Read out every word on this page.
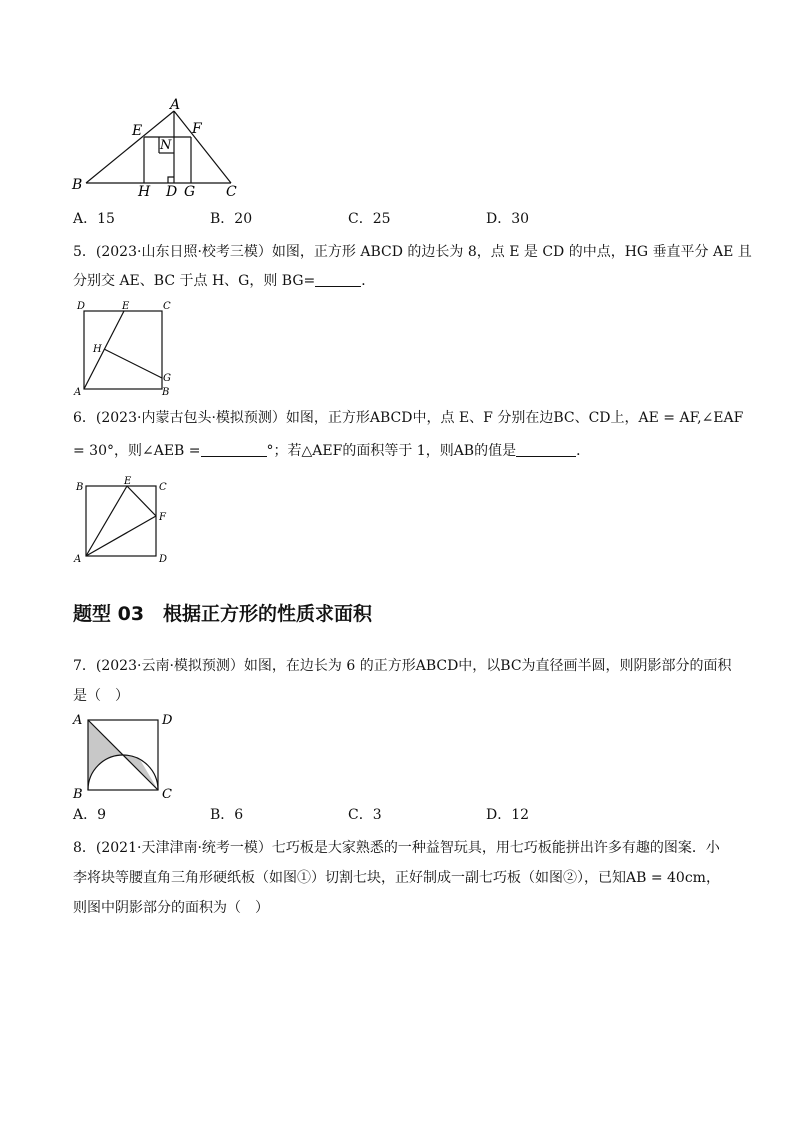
A
E	F
N
B	H D G C
A．15	B．20	C．25	D．30
5．(2023·山东日照·校考三模）如图，正方形 ABCD 的边长为 8，点 E 是 CD 的中点，HG 垂直平分 AE 且
分别交 AE、BC 于点 H、G，则 BG=	．
D	E	C
H
G
A	B
6．(2023·内蒙古包头·模拟预测）如图，正方形ABCD中，点 E、F 分别在边BC、CD上，AE = AF,∠EAF
= 30°，则∠AEB =	°；若△AEF的面积等于 1，则AB的值是	．
B
E
C
F
A	D
题型 03　根据正方形的性质求面积
7．(2023·云南·模拟预测）如图，在边长为 6 的正方形ABCD中，以BC为直径画半圆，则阴影部分的面积
是（　）
A	D
B	C
A．9	B．6	C．3	D．12
8．(2021·天津津南·统考一模）七巧板是大家熟悉的一种益智玩具，用七巧板能拼出许多有趣的图案．小
李将块等腰直角三角形硬纸板（如图①）切割七块，正好制成一副七巧板（如图②），已知AB = 40cm，
则图中阴影部分的面积为（　）
